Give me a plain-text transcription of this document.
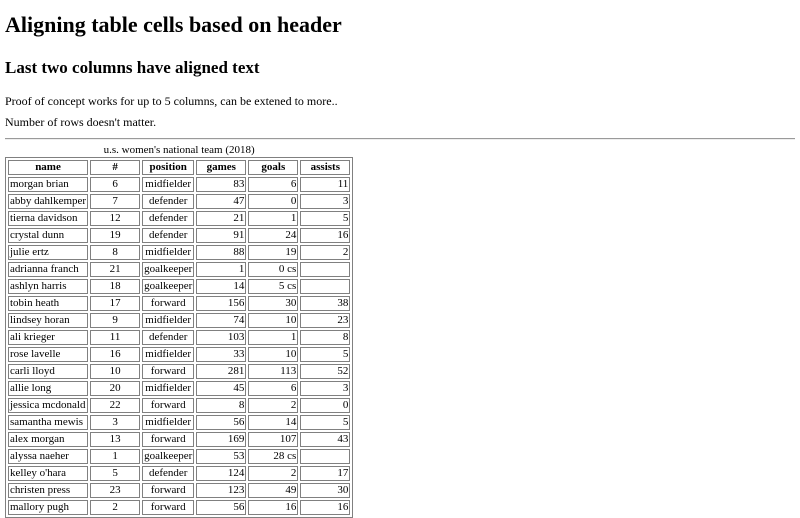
Aligning table cells based on header
Last two columns have aligned text

Proof of concept works for up to 5 columns, can be extened to more..

Number of rows doesn't matter.

u.s. women's national team (2018)
name	#	position	games	goals	assists
morgan brian	6	midfielder	83	6	11
abby dahlkemper	7	defender	47	0	3
tierna davidson	12	defender	21	1	5
crystal dunn	19	defender	91	24	16
julie ertz	8	midfielder	88	19	2
adrianna franch	21	goalkeeper	1	0 cs	
ashlyn harris	18	goalkeeper	14	5 cs	
tobin heath	17	forward	156	30	38
lindsey horan	9	midfielder	74	10	23
ali krieger	11	defender	103	1	8
rose lavelle	16	midfielder	33	10	5
carli lloyd	10	forward	281	113	52
allie long	20	midfielder	45	6	3
jessica mcdonald	22	forward	8	2	0
samantha mewis	3	midfielder	56	14	5
alex morgan	13	forward	169	107	43
alyssa naeher	1	goalkeeper	53	28 cs	
kelley o'hara	5	defender	124	2	17
christen press	23	forward	123	49	30
mallory pugh	2	forward	56	16	16
